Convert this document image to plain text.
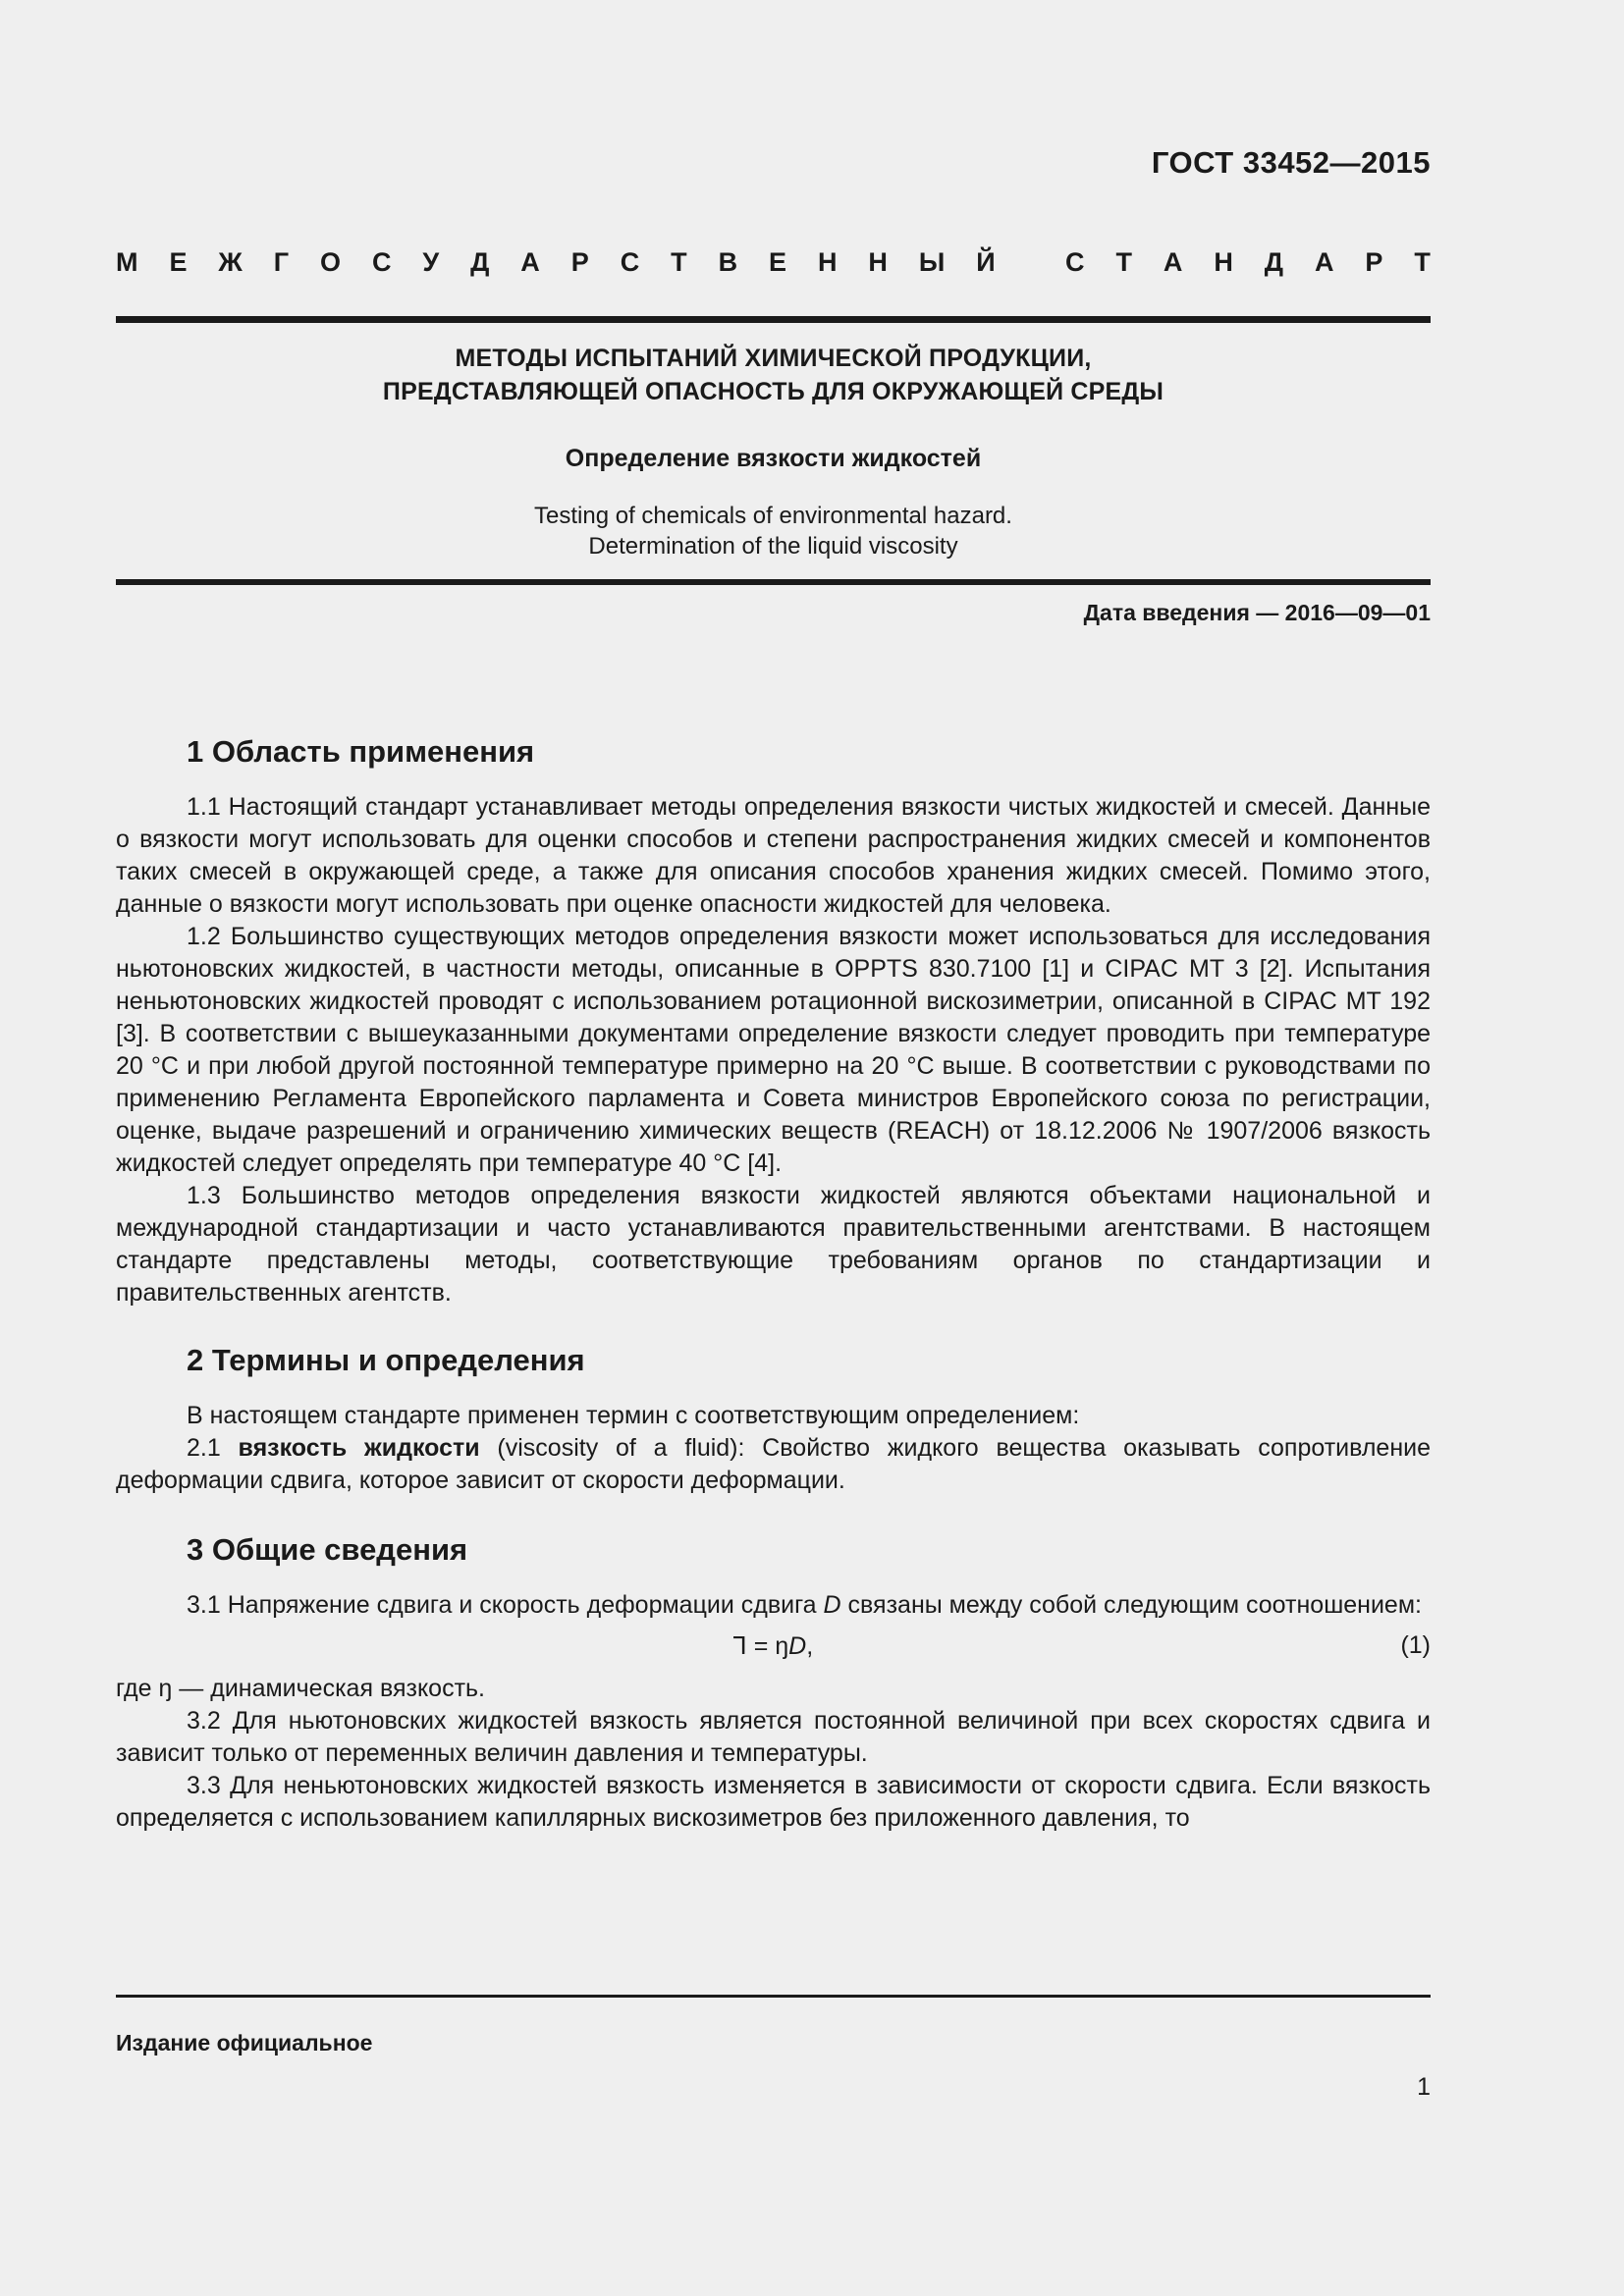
ГОСТ 33452—2015
М Е Ж Г О С У Д А Р С Т В Е Н Н Ы Й
	С Т А Н Д А Р Т
МЕТОДЫ ИСПЫТАНИЙ ХИМИЧЕСКОЙ ПРОДУКЦИИ,
ПРЕДСТАВЛЯЮЩЕЙ ОПАСНОСТЬ ДЛЯ ОКРУЖАЮЩЕЙ СРЕДЫ
Определение вязкости жидкостей
Testing of chemicals of environmental hazard.
Determination of the liquid viscosity
Дата введения — 2016—09—01
1 Область применения

1.1 Настоящий стандарт устанавливает методы определения вязкости чистых жидкостей и смесей. Данные о вязкости могут использовать для оценки способов и степени распространения жидких смесей и компонентов таких смесей в окружающей среде, а также для описания способов хранения жидких смесей. Помимо этого, данные о вязкости могут использовать при оценке опасности жидкостей для человека.

1.2 Большинство существующих методов определения вязкости может использоваться для исследования ньютоновских жидкостей, в частности методы, описанные в OPPTS 830.7100 [1] и CIPAC MT 3 [2]. Испытания неньютоновских жидкостей проводят с использованием ротационной вискозиметрии, описанной в CIPAC MT 192 [3]. В соответствии с вышеуказанными документами определение вязкости следует проводить при температуре 20 °С и при любой другой постоянной температуре примерно на 20 °С выше. В соответствии с руководствами по применению Регламента Европейского парламента и Совета министров Европейского союза по регистрации, оценке, выдаче разрешений и ограничению химических веществ (REACH) от 18.12.2006 № 1907/2006 вязкость жидкостей следует определять при температуре 40 °С [4].

1.3 Большинство методов определения вязкости жидкостей являются объектами национальной и международной стандартизации и часто устанавливаются правительственными агентствами. В настоящем стандарте представлены методы, соответствующие требованиям органов по стандартизации и правительственных агентств.

2 Термины и определения

В настоящем стандарте применен термин с соответствующим определением:

2.1 вязкость жидкости (viscosity of a fluid): Свойство жидкого вещества оказывать сопротивление деформации сдвига, которое зависит от скорости деформации.

3 Общие сведения

3.1 Напряжение сдвига и скорость деформации сдвига D связаны между собой следующим соотношением:

Ꞁ = ŋD,	(1)

где ŋ — динамическая вязкость.

3.2 Для ньютоновских жидкостей вязкость является постоянной величиной при всех скоростях сдвига и зависит только от переменных величин давления и температуры.

3.3 Для неньютоновских жидкостей вязкость изменяется в зависимости от скорости сдвига. Если вязкость определяется с использованием капиллярных вискозиметров без приложенного давления, то

Издание официальное
1
